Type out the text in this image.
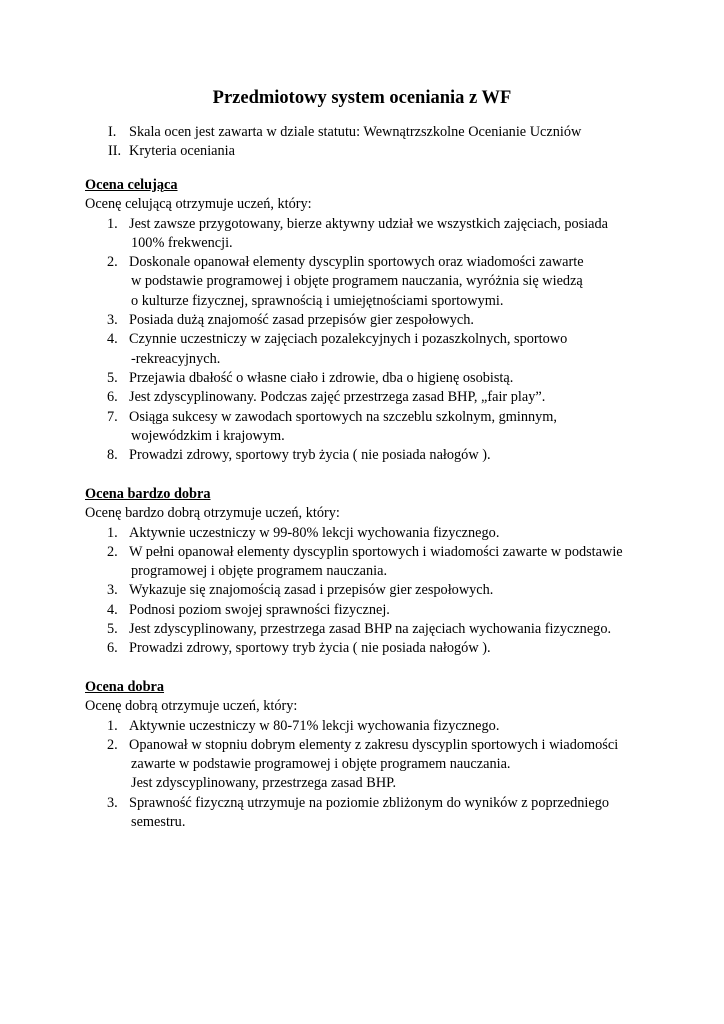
Przedmiotowy system oceniania z WF
I. Skala ocen jest zawarta w dziale statutu: Wewnątrzszkolne Ocenianie Uczniów
II. Kryteria oceniania

Ocena celująca

Ocenę celującą otrzymuje uczeń, który:

1. Jest zawsze przygotowany, bierze aktywny udział we wszystkich zajęciach, posiada
100% frekwencji.
2. Doskonale opanował elementy dyscyplin sportowych oraz wiadomości zawarte
w podstawie programowej i objęte programem nauczania, wyróżnia się wiedzą
o kulturze fizycznej, sprawnością i umiejętnościami sportowymi.
3. Posiada dużą znajomość zasad przepisów gier zespołowych.
4. Czynnie uczestniczy w zajęciach pozalekcyjnych i pozaszkolnych, sportowo
-rekreacyjnych.
5. Przejawia dbałość o własne ciało i zdrowie, dba o higienę osobistą.
6. Jest zdyscyplinowany. Podczas zajęć przestrzega zasad BHP, „fair play”.
7. Osiąga sukcesy w zawodach sportowych na szczeblu szkolnym, gminnym,
wojewódzkim i krajowym.
8. Prowadzi zdrowy, sportowy tryb życia ( nie posiada nałogów ).

Ocena bardzo dobra

Ocenę bardzo dobrą otrzymuje uczeń, który:

1. Aktywnie uczestniczy w 99-80% lekcji wychowania fizycznego.
2. W pełni opanował elementy dyscyplin sportowych i wiadomości zawarte w podstawie
programowej i objęte programem nauczania.
3. Wykazuje się znajomością zasad i przepisów gier zespołowych.
4. Podnosi poziom swojej sprawności fizycznej.
5. Jest zdyscyplinowany, przestrzega zasad BHP na zajęciach wychowania fizycznego.
6. Prowadzi zdrowy, sportowy tryb życia ( nie posiada nałogów ).

Ocena dobra

Ocenę dobrą otrzymuje uczeń, który:

1. Aktywnie uczestniczy w 80-71% lekcji wychowania fizycznego.
2. Opanował w stopniu dobrym elementy z zakresu dyscyplin sportowych i wiadomości
zawarte w podstawie programowej i objęte programem nauczania.
Jest zdyscyplinowany, przestrzega zasad BHP.
3. Sprawność fizyczną utrzymuje na poziomie zbliżonym do wyników z poprzedniego
semestru.
